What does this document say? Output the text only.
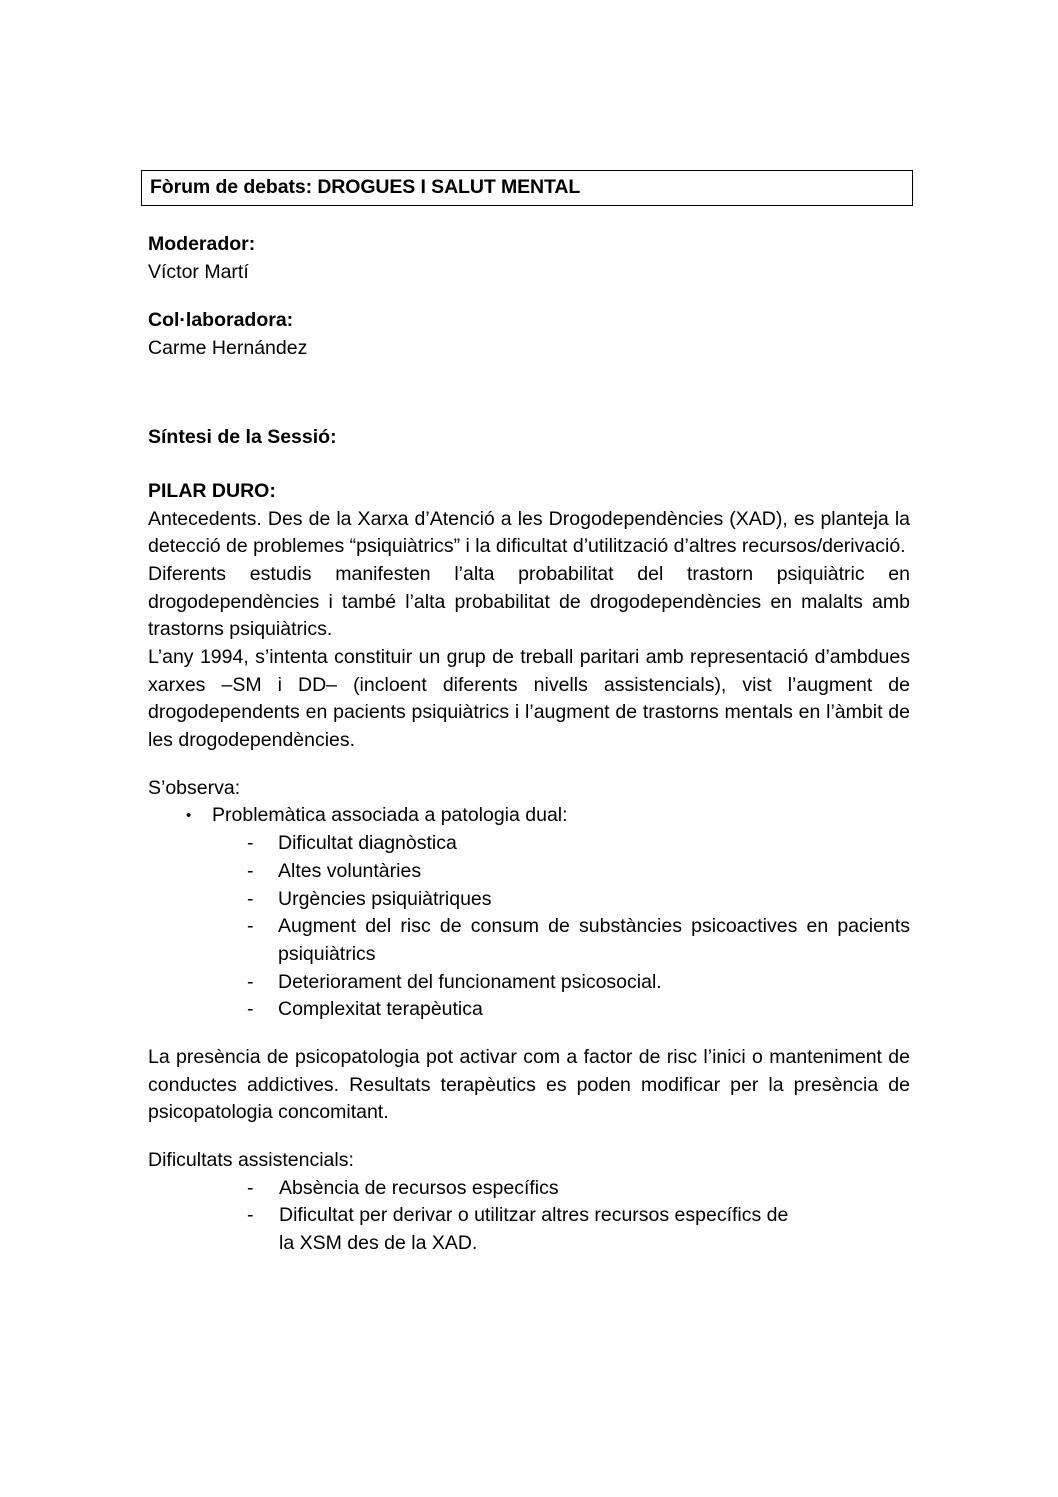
Fòrum de debats: DROGUES I SALUT MENTAL
Moderador:
Víctor Martí
Col·laboradora:
Carme Hernández
Síntesi de la Sessió:
PILAR DURO:
Antecedents. Des de la Xarxa d’Atenció a les Drogodependències (XAD), es planteja la detecció de problemes “psiquiàtrics” i la dificultat d’utilització d’altres recursos/derivació.
Diferents estudis manifesten l’alta probabilitat del trastorn psiquiàtric en drogodependències i també l’alta probabilitat de drogodependències en malalts amb trastorns psiquiàtrics.
L’any 1994, s’intenta constituir un grup de treball paritari amb representació d’ambdues xarxes –SM i DD– (incloent diferents nivells assistencials), vist l’augment de drogodependents en pacients psiquiàtrics i l’augment de trastorns mentals en l’àmbit de les drogodependències.
S’observa:
• Problemàtica associada a patologia dual:
- Dificultat diagnòstica
- Altes voluntàries
- Urgències psiquiàtriques
- Augment del risc de consum de substàncies psicoactives en pacients psiquiàtrics
- Deteriorament del funcionament psicosocial.
- Complexitat terapèutica
La presència de psicopatologia pot activar com a factor de risc l’inici o manteniment de conductes addictives. Resultats terapèutics es poden modificar per la presència de psicopatologia concomitant.
Dificultats assistencials:
- Absència de recursos específics
- Dificultat per derivar o utilitzar altres recursos específics de
la XSM des de la XAD.
